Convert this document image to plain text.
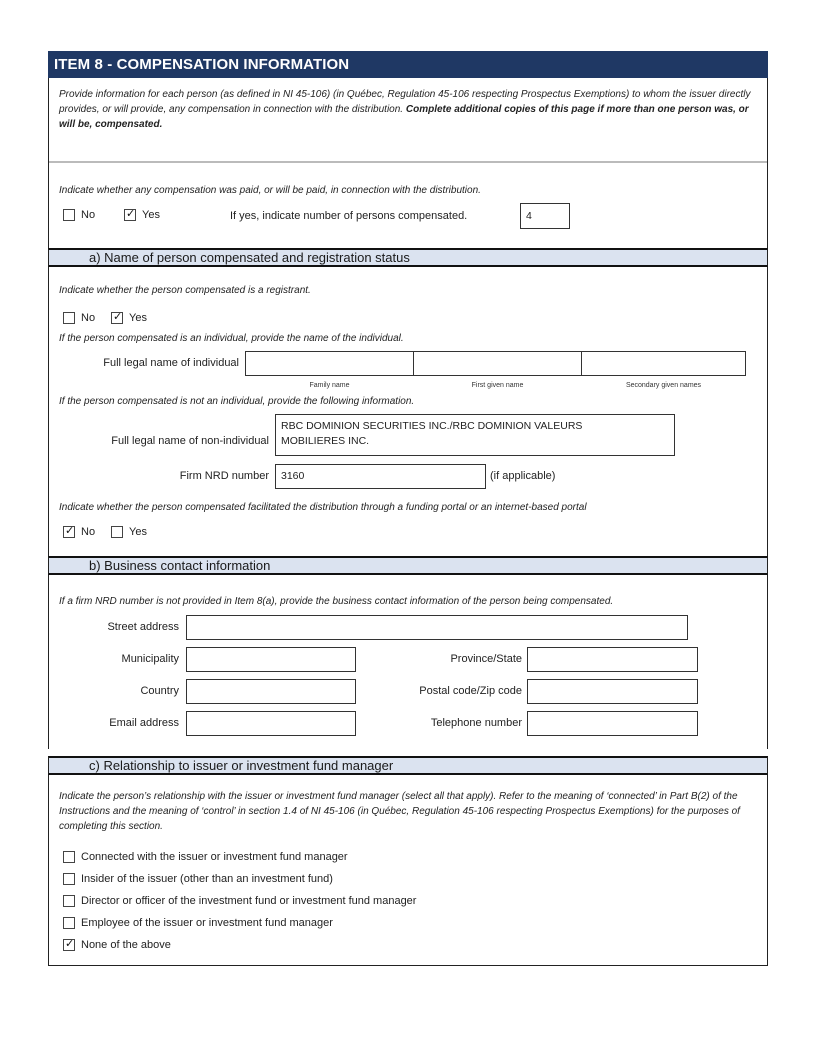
ITEM 8 - COMPENSATION INFORMATION
Provide information for each person (as defined in NI 45-106) (in Québec, Regulation 45-106 respecting Prospectus Exemptions) to whom the issuer directly provides, or will provide, any compensation in connection with the distribution. Complete additional copies of this page if more than one person was, or will be, compensated.
Indicate whether any compensation was paid, or will be paid, in connection with the distribution.
No ✓	Yes	If yes, indicate number of persons compensated.	4
a) Name of person compensated and registration status
Indicate whether the person compensated is a registrant.
No ✓	Yes
If the person compensated is an individual, provide the name of the individual.
Full legal name of individual
Family name	First given name	Secondary given names
If the person compensated is not an individual, provide the following information.
Full legal name of non-individual
RBC DOMINION SECURITIES INC./RBC DOMINION VALEURS
MOBILIERES INC.
Firm NRD number	3160	(if applicable)
Indicate whether the person compensated facilitated the distribution through a funding portal or an internet-based portal
✓
No	Yes
b) Business contact information
If a firm NRD number is not provided in Item 8(a), provide the business contact information of the person being compensated.
Street address
Municipality	Province/State
Country	Postal code/Zip code
Email address	Telephone number
c) Relationship to issuer or investment fund manager
Indicate the person’s relationship with the issuer or investment fund manager (select all that apply). Refer to the meaning of ‘connected’ in Part B(2) of the Instructions and the meaning of ‘control’ in section 1.4 of NI 45-106 (in Québec, Regulation 45-106 respecting Prospectus Exemptions) for the purposes of completing this section.
Connected with the issuer or investment fund manager
Insider of the issuer (other than an investment fund)
Director or officer of the investment fund or investment fund manager
Employee of the issuer or investment fund manager
✓
None of the above
